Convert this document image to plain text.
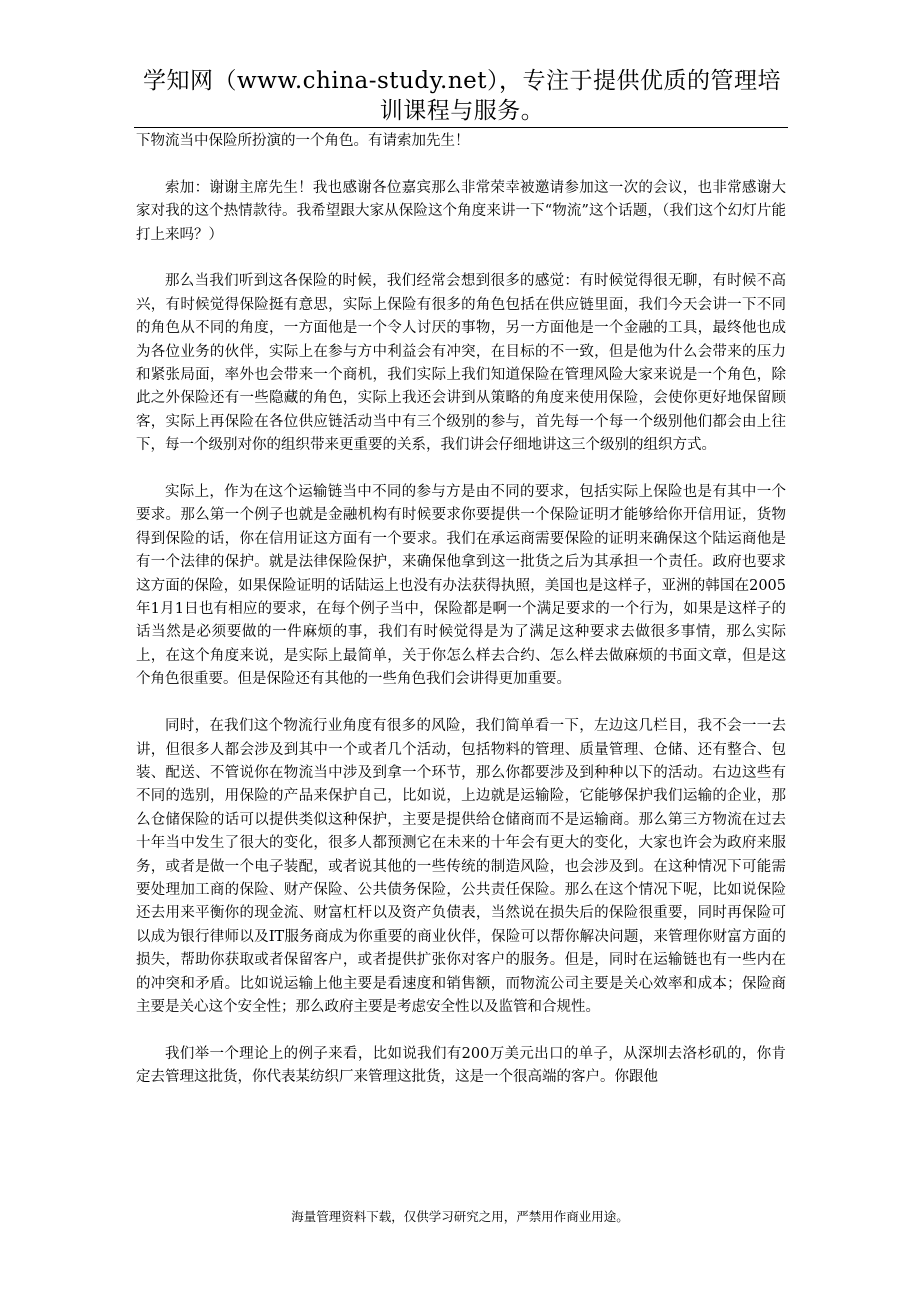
学知网（www.china-study.net），专注于提供优质的管理培训课程与服务。

下物流当中保险所扮演的一个角色。有请索加先生！

索加：谢谢主席先生！我也感谢各位嘉宾那么非常荣幸被邀请参加这一次的会议，也非常感谢大家对我的这个热情款待。我希望跟大家从保险这个角度来讲一下“物流”这个话题，（我们这个幻灯片能打上来吗？）

那么当我们听到这各保险的时候，我们经常会想到很多的感觉：有时候觉得很无聊，有时候不高兴，有时候觉得保险挺有意思，实际上保险有很多的角色包括在供应链里面，我们今天会讲一下不同的角色从不同的角度，一方面他是一个令人讨厌的事物，另一方面他是一个金融的工具，最终他也成为各位业务的伙伴，实际上在参与方中利益会有冲突，在目标的不一致，但是他为什么会带来的压力和紧张局面，率外也会带来一个商机，我们实际上我们知道保险在管理风险大家来说是一个角色，除此之外保险还有一些隐藏的角色，实际上我还会讲到从策略的角度来使用保险，会使你更好地保留顾客，实际上再保险在各位供应链活动当中有三个级别的参与，首先每一个每一个级别他们都会由上往下，每一个级别对你的组织带来更重要的关系，我们讲会仔细地讲这三个级别的组织方式。

实际上，作为在这个运输链当中不同的参与方是由不同的要求，包括实际上保险也是有其中一个要求。那么第一个例子也就是金融机构有时候要求你要提供一个保险证明才能够给你开信用证，货物得到保险的话，你在信用证这方面有一个要求。我们在承运商需要保险的证明来确保这个陆运商他是有一个法律的保护。就是法律保险保护，来确保他拿到这一批货之后为其承担一个责任。政府也要求这方面的保险，如果保险证明的话陆运上也没有办法获得执照，美国也是这样子，亚洲的韩国在2005年1月1日也有相应的要求，在每个例子当中，保险都是啊一个满足要求的一个行为，如果是这样子的话当然是必须要做的一件麻烦的事，我们有时候觉得是为了满足这种要求去做很多事情，那么实际上，在这个角度来说，是实际上最简单，关于你怎么样去合约、怎么样去做麻烦的书面文章，但是这个角色很重要。但是保险还有其他的一些角色我们会讲得更加重要。

同时，在我们这个物流行业角度有很多的风险，我们简单看一下，左边这几栏目，我不会一一去讲，但很多人都会涉及到其中一个或者几个活动，包括物料的管理、质量管理、仓储、还有整合、包装、配送、不管说你在物流当中涉及到拿一个环节，那么你都要涉及到种种以下的活动。右边这些有不同的选别，用保险的产品来保护自己，比如说，上边就是运输险，它能够保护我们运输的企业，那么仓储保险的话可以提供类似这种保护，主要是提供给仓储商而不是运输商。那么第三方物流在过去十年当中发生了很大的变化，很多人都预测它在未来的十年会有更大的变化，大家也许会为政府来服务，或者是做一个电子装配，或者说其他的一些传统的制造风险，也会涉及到。在这种情况下可能需要处理加工商的保险、财产保险、公共债务保险，公共责任保险。那么在这个情况下呢，比如说保险还去用来平衡你的现金流、财富杠杆以及资产负债表，当然说在损失后的保险很重要，同时再保险可以成为银行律师以及IT服务商成为你重要的商业伙伴，保险可以帮你解决问题，来管理你财富方面的损失，帮助你获取或者保留客户，或者提供扩张你对客户的服务。但是，同时在运输链也有一些内在的冲突和矛盾。比如说运输上他主要是看速度和销售额，而物流公司主要是关心效率和成本；保险商主要是关心这个安全性；那么政府主要是考虑安全性以及监管和合规性。

我们举一个理论上的例子来看，比如说我们有200万美元出口的单子，从深圳去洛杉矶的，你肯定去管理这批货，你代表某纺织厂来管理这批货，这是一个很高端的客户。你跟他

海量管理资料下载，仅供学习研究之用，严禁用作商业用途。
